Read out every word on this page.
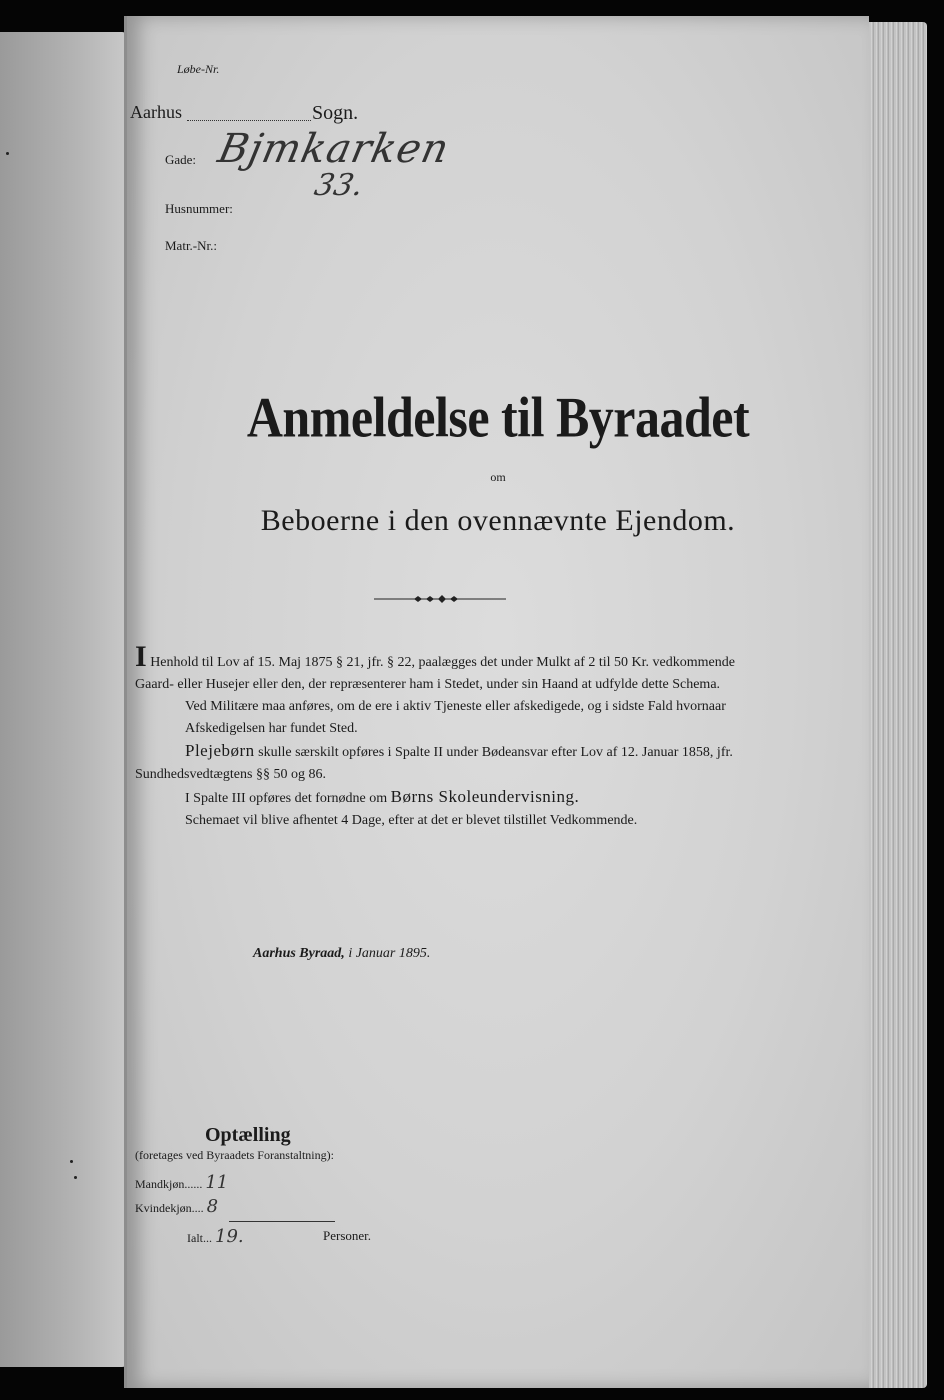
Løbe-Nr.
Aarhus	Sogn.
Gade: Bjmkarken
Husnummer:
33.
Matr.-Nr.:
Anmeldelse til Byraadet
om
Beboerne i den ovennævnte Ejendom.
I Henhold til Lov af 15. Maj 1875 § 21, jfr. § 22, paalægges det under Mulkt af 2 til 50 Kr. vedkommende Gaard- eller Husejer eller den, der repræsenterer ham i Stedet, under sin Haand at udfylde dette Schema.
Ved Militære maa anføres, om de ere i aktiv Tjeneste eller afskedigede, og i sidste Fald hvornaar Afskedigelsen har fundet Sted.
Plejebørn skulle særskilt opføres i Spalte II under Bødeansvar efter Lov af 12. Januar 1858, jfr. Sundhedsvedtægtens §§ 50 og 86.
I Spalte III opføres det fornødne om Børns Skoleundervisning.
Schemaet vil blive afhentet 4 Dage, efter at det er blevet tilstillet Vedkommende.
Aarhus Byraad, i Januar 1895.
Optælling
(foretages ved Byraadets Foranstaltning):
Mandkjøn...... 11
Kvindekjøn.... 8
Ialt... 19.	Personer.
